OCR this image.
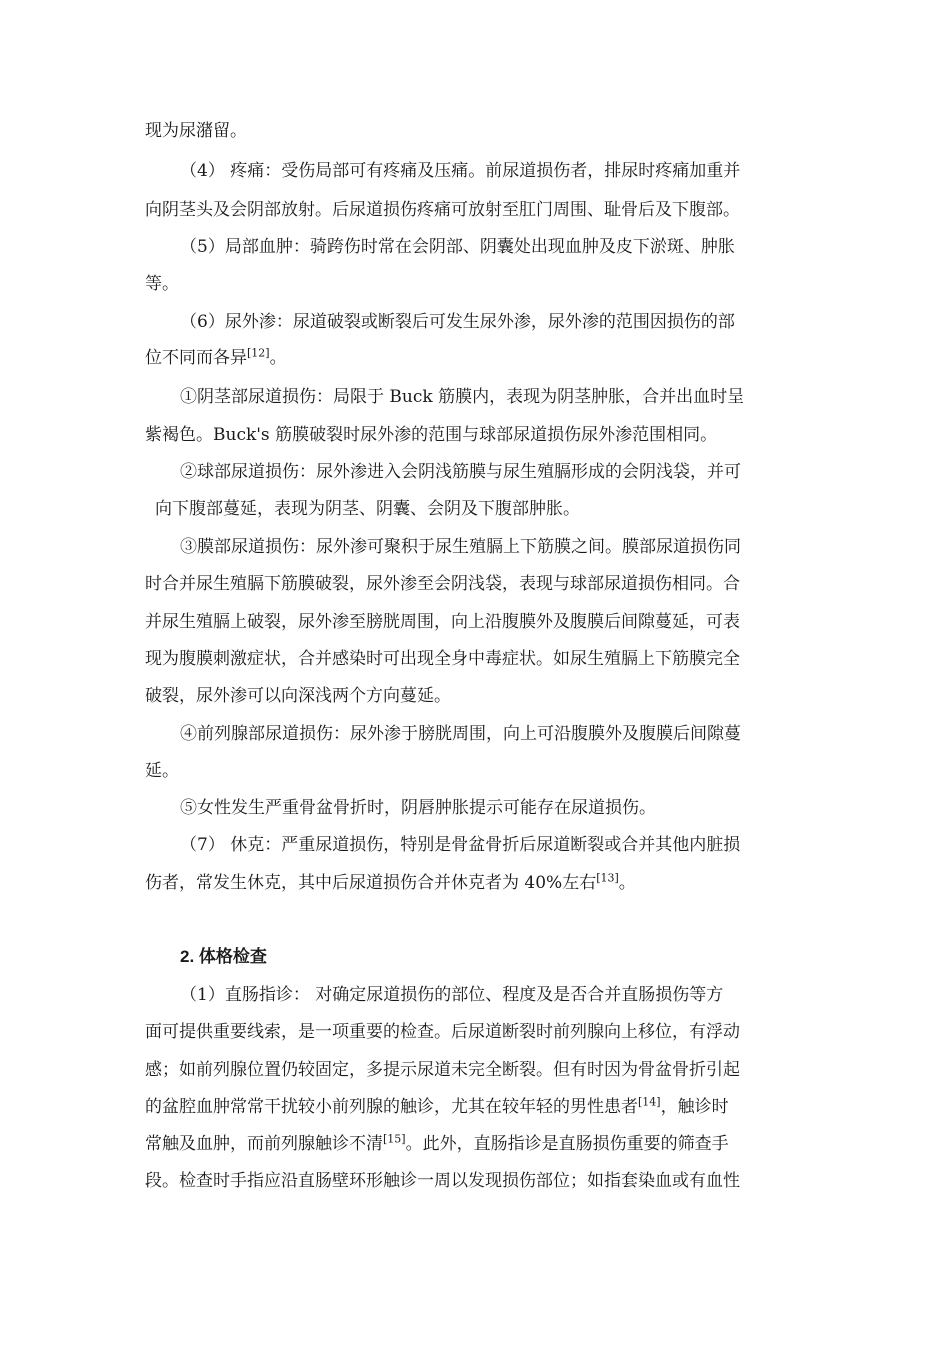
现为尿潴留。
（4） 疼痛：受伤局部可有疼痛及压痛。前尿道损伤者，排尿时疼痛加重并
向阴茎头及会阴部放射。后尿道损伤疼痛可放射至肛门周围、耻骨后及下腹部。
（5）局部血肿：骑跨伤时常在会阴部、阴囊处出现血肿及皮下淤斑、肿胀
等。
（6）尿外渗：尿道破裂或断裂后可发生尿外渗，尿外渗的范围因损伤的部
位不同而各异[12]。
①阴茎部尿道损伤：局限于 Buck 筋膜内，表现为阴茎肿胀，合并出血时呈
紫褐色。Buck's 筋膜破裂时尿外渗的范围与球部尿道损伤尿外渗范围相同。
②球部尿道损伤：尿外渗进入会阴浅筋膜与尿生殖膈形成的会阴浅袋，并可
向下腹部蔓延，表现为阴茎、阴囊、会阴及下腹部肿胀。
③膜部尿道损伤：尿外渗可聚积于尿生殖膈上下筋膜之间。膜部尿道损伤同
时合并尿生殖膈下筋膜破裂，尿外渗至会阴浅袋，表现与球部尿道损伤相同。合
并尿生殖膈上破裂，尿外渗至膀胱周围，向上沿腹膜外及腹膜后间隙蔓延，可表
现为腹膜刺激症状，合并感染时可出现全身中毒症状。如尿生殖膈上下筋膜完全
破裂，尿外渗可以向深浅两个方向蔓延。
④前列腺部尿道损伤：尿外渗于膀胱周围，向上可沿腹膜外及腹膜后间隙蔓
延。
⑤女性发生严重骨盆骨折时，阴唇肿胀提示可能存在尿道损伤。
（7） 休克：严重尿道损伤，特别是骨盆骨折后尿道断裂或合并其他内脏损
伤者，常发生休克，其中后尿道损伤合并休克者为 40%左右[13]。
2. 体格检查
（1）直肠指诊： 对确定尿道损伤的部位、程度及是否合并直肠损伤等方
面可提供重要线索，是一项重要的检查。后尿道断裂时前列腺向上移位，有浮动
感；如前列腺位置仍较固定，多提示尿道未完全断裂。但有时因为骨盆骨折引起
的盆腔血肿常常干扰较小前列腺的触诊，尤其在较年轻的男性患者[14]，触诊时
常触及血肿，而前列腺触诊不清[15]。此外，直肠指诊是直肠损伤重要的筛查手
段。检查时手指应沿直肠壁环形触诊一周以发现损伤部位；如指套染血或有血性
